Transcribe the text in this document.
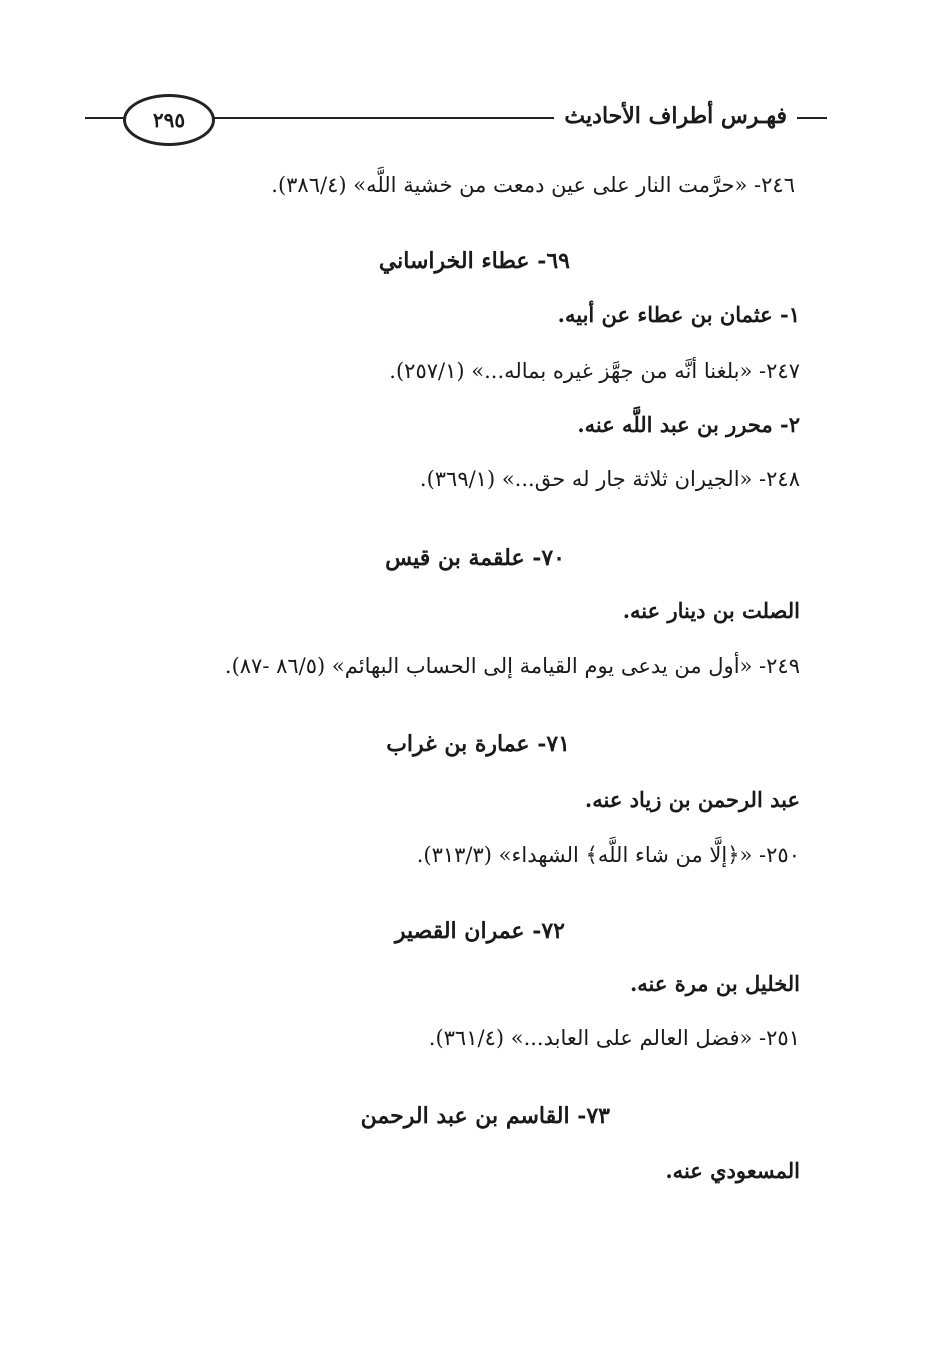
فهـرس أطراف الأحاديث
٢٩٥
٢٤٦- «حرَّمت النار على عين دمعت من خشية اللَّه» (٣٨٦/٤).
٦٩- عطاء الخراساني
١- عثمان بن عطاء عن أبيه.
٢٤٧- «بلغنا أنَّه من جهَّز غيره بماله...» (٢٥٧/١).
٢- محرر بن عبد اللَّه عنه.
٢٤٨- «الجيران ثلاثة جار له حق...» (٣٦٩/١).
٧٠- علقمة بن قيس
الصلت بن دينار عنه.
٢٤٩- «أول من يدعى يوم القيامة إلى الحساب البهائم» (٨٦/٥ -٨٧).
٧١- عمارة بن غراب
عبد الرحمن بن زياد عنه.
٢٥٠- «﴿إلَّا من شاء اللَّه﴾ الشهداء» (٣١٣/٣).
٧٢- عمران القصير
الخليل بن مرة عنه.
٢٥١- «فضل العالم على العابد...» (٣٦١/٤).
٧٣- القاسم بن عبد الرحمن
المسعودي عنه.
